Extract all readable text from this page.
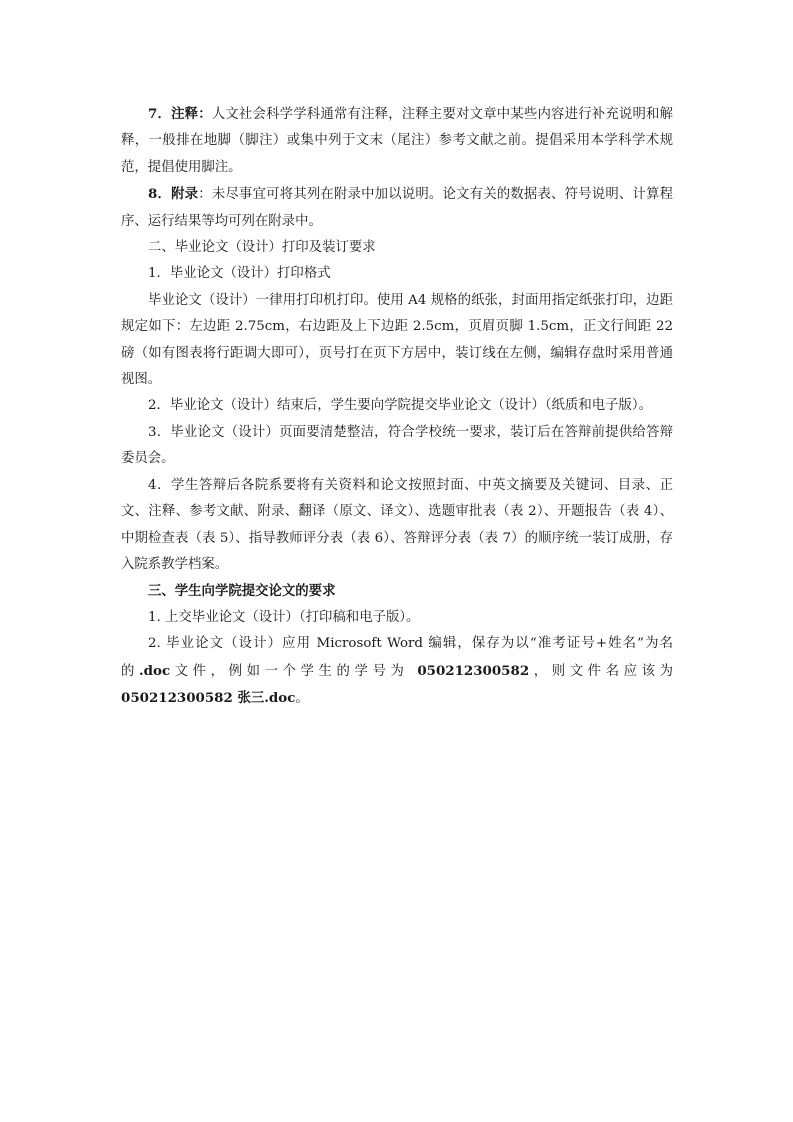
7．注释：人文社会科学学科通常有注释，注释主要对文章中某些内容进行补充说明和解释，一般排在地脚（脚注）或集中列于文末（尾注）参考文献之前。提倡采用本学科学术规范，提倡使用脚注。

8．附录：未尽事宜可将其列在附录中加以说明。论文有关的数据表、符号说明、计算程序、运行结果等均可列在附录中。

二、毕业论文（设计）打印及装订要求

1．毕业论文（设计）打印格式

毕业论文（设计）一律用打印机打印。使用 A4 规格的纸张，封面用指定纸张打印，边距规定如下：左边距 2.75cm，右边距及上下边距 2.5cm，页眉页脚 1.5cm，正文行间距 22 磅（如有图表将行距调大即可），页号打在页下方居中，装订线在左侧，编辑存盘时采用普通视图。

2．毕业论文（设计）结束后，学生要向学院提交毕业论文（设计）（纸质和电子版）。

3．毕业论文（设计）页面要清楚整洁，符合学校统一要求，装订后在答辩前提供给答辩委员会。

4．学生答辩后各院系要将有关资料和论文按照封面、中英文摘要及关键词、目录、正文、注释、参考文献、附录、翻译（原文、译文）、选题审批表（表 2）、开题报告（表 4）、中期检查表（表 5）、指导教师评分表（表 6）、答辩评分表（表 7）的顺序统一装订成册，存入院系教学档案。

三、学生向学院提交论文的要求

1. 上交毕业论文（设计）（打印稿和电子版）。

2. 毕业论文（设计）应用 Microsoft Word 编辑，保存为以“准考证号+姓名”为名的.doc文件，例如一个学生的学号为 050212300582，则文件名应该为 050212300582 张三.doc。
